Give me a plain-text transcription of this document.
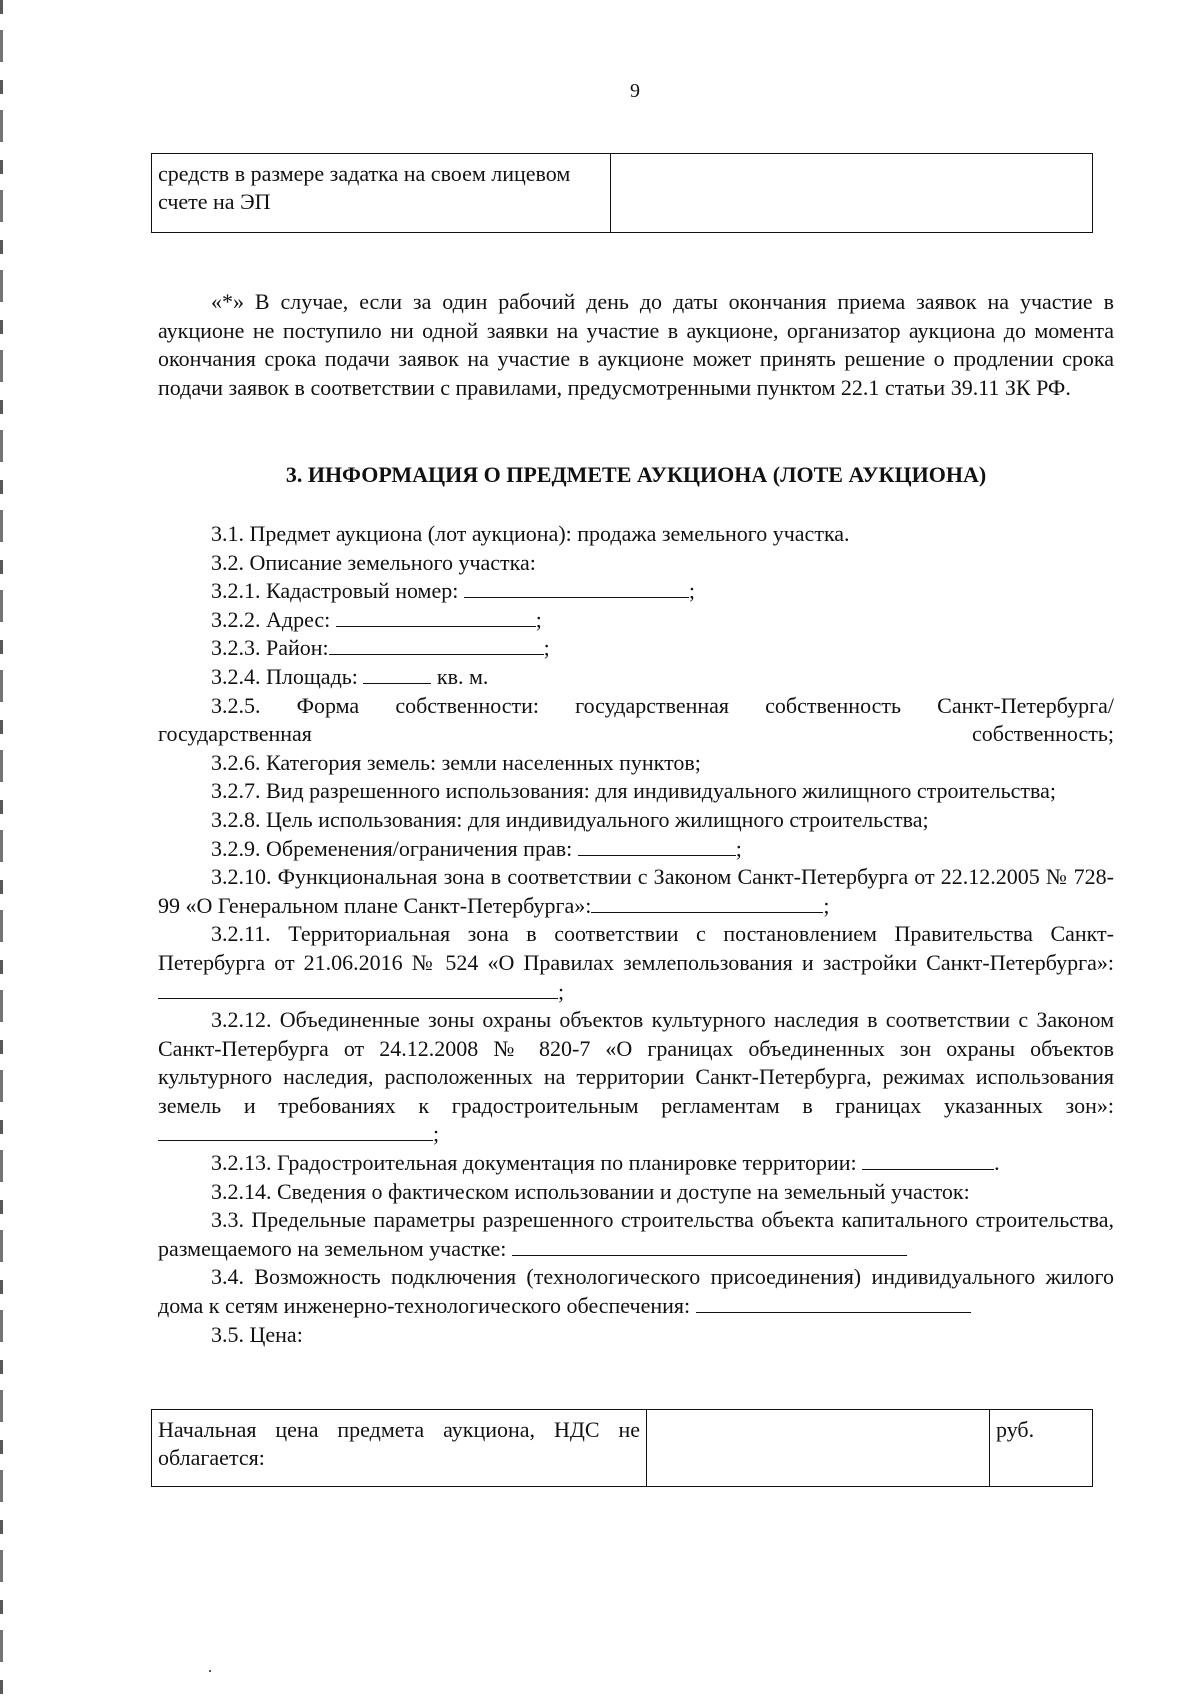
9
средств в размере задатка на своем лицевом счете на ЭП	

«*» В случае, если за один рабочий день до даты окончания приема заявок на участие в аукционе не поступило ни одной заявки на участие в аукционе, организатор аукциона до момента окончания срока подачи заявок на участие в аукционе может принять решение о продлении срока подачи заявок в соответствии с правилами, предусмотренными пунктом 22.1 статьи 39.11 ЗК РФ.

3. ИНФОРМАЦИЯ О ПРЕДМЕТЕ АУКЦИОНА (ЛОТЕ АУКЦИОНА)

3.1. Предмет аукциона (лот аукциона): продажа земельного участка.

3.2. Описание земельного участка:

3.2.1. Кадастровый номер:	;

3.2.2. Адрес:	;

3.2.3. Район:	;

3.2.4. Площадь:	кв. м.

3.2.5. Форма собственности: государственная собственность Санкт-Петербурга/государственная собственность;

3.2.6. Категория земель: земли населенных пунктов;

3.2.7. Вид разрешенного использования: для индивидуального жилищного строительства;

3.2.8. Цель использования: для индивидуального жилищного строительства;

3.2.9. Обременения/ограничения прав:	;

3.2.10. Функциональная зона в соответствии с Законом Санкт-Петербурга от 22.12.2005 № 728-99 «О Генеральном плане Санкт-Петербурга»:	;

3.2.11. Территориальная зона в соответствии с постановлением Правительства Санкт-Петербурга от 21.06.2016 № 524 «О Правилах землепользования и застройки Санкт-Петербурга»:;

3.2.12. Объединенные зоны охраны объектов культурного наследия в соответствии с Законом Санкт-Петербурга от 24.12.2008 № 820-7 «О границах объединенных зон охраны объектов культурного наследия, расположенных на территории Санкт-Петербурга, режимах использования земель и требованиях к градостроительным регламентам в границах указанных зон»:;

3.2.13. Градостроительная документация по планировке территории:	.

3.2.14. Сведения о фактическом использовании и доступе на земельный участок:

3.3. Предельные параметры разрешенного строительства объекта капитального строительства, размещаемого на земельном участке:

3.4. Возможность подключения (технологического присоединения) индивидуального жилого дома к сетям инженерно-технологического обеспечения:

3.5. Цена:

Начальная цена предмета аукциона, НДС не облагается:		руб.
